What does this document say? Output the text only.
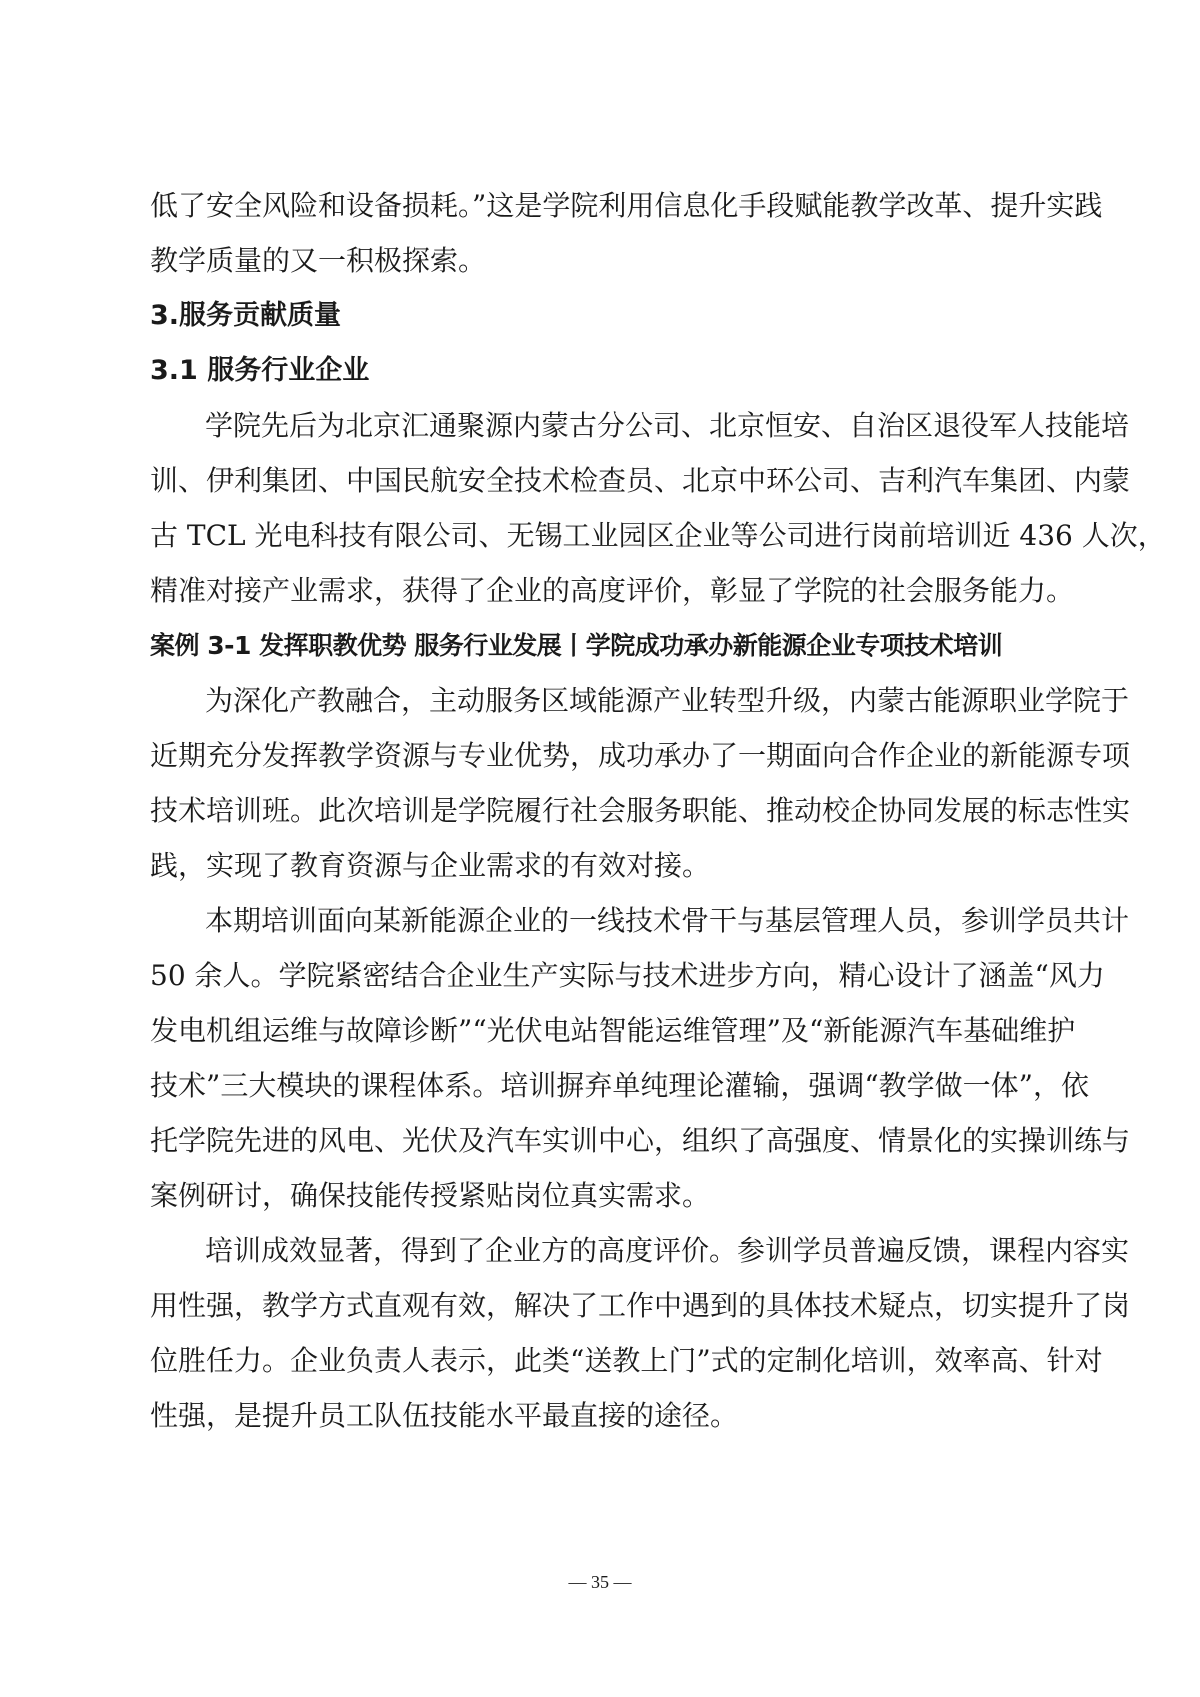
低了安全风险和设备损耗。”这是学院利用信息化手段赋能教学改革、提升实践
教学质量的又一积极探索。
3.服务贡献质量
3.1 服务行业企业
学院先后为北京汇通聚源内蒙古分公司、北京恒安、自治区退役军人技能培
训、伊利集团、中国民航安全技术检查员、北京中环公司、吉利汽车集团、内蒙
古 TCL 光电科技有限公司、无锡工业园区企业等公司进行岗前培训近 436 人次，
精准对接产业需求，获得了企业的高度评价，彰显了学院的社会服务能力。
案例 3-1 发挥职教优势 服务行业发展丨学院成功承办新能源企业专项技术培训
为深化产教融合，主动服务区域能源产业转型升级，内蒙古能源职业学院于
近期充分发挥教学资源与专业优势，成功承办了一期面向合作企业的新能源专项
技术培训班。此次培训是学院履行社会服务职能、推动校企协同发展的标志性实
践，实现了教育资源与企业需求的有效对接。
本期培训面向某新能源企业的一线技术骨干与基层管理人员，参训学员共计
50 余人。学院紧密结合企业生产实际与技术进步方向，精心设计了涵盖“风力
发电机组运维与故障诊断”“光伏电站智能运维管理”及“新能源汽车基础维护
技术”三大模块的课程体系。培训摒弃单纯理论灌输，强调“教学做一体”，依
托学院先进的风电、光伏及汽车实训中心，组织了高强度、情景化的实操训练与
案例研讨，确保技能传授紧贴岗位真实需求。
培训成效显著，得到了企业方的高度评价。参训学员普遍反馈，课程内容实
用性强，教学方式直观有效，解决了工作中遇到的具体技术疑点，切实提升了岗
位胜任力。企业负责人表示，此类“送教上门”式的定制化培训，效率高、针对
性强，是提升员工队伍技能水平最直接的途径。
— 35 —
